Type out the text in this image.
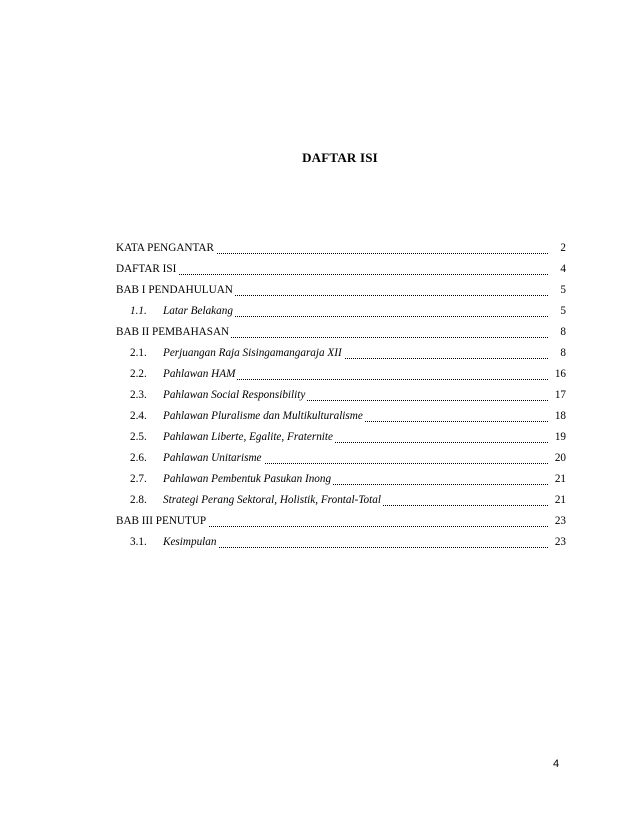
DAFTAR ISI
KATA PENGANTAR	2
DAFTAR ISI	4
BAB I PENDAHULUAN	5
1.1. Latar Belakang	5
BAB II PEMBAHASAN	8
2.1. Perjuangan Raja Sisingamangaraja XII	8
2.2. Pahlawan HAM	16
2.3. Pahlawan Social Responsibility	17
2.4. Pahlawan Pluralisme dan Multikulturalisme	18
2.5. Pahlawan Liberte, Egalite, Fraternite	19
2.6. Pahlawan Unitarisme	20
2.7. Pahlawan Pembentuk Pasukan Inong	21
2.8. Strategi Perang Sektoral, Holistik, Frontal-Total	21
BAB III PENUTUP	23
3.1. Kesimpulan	23
4
